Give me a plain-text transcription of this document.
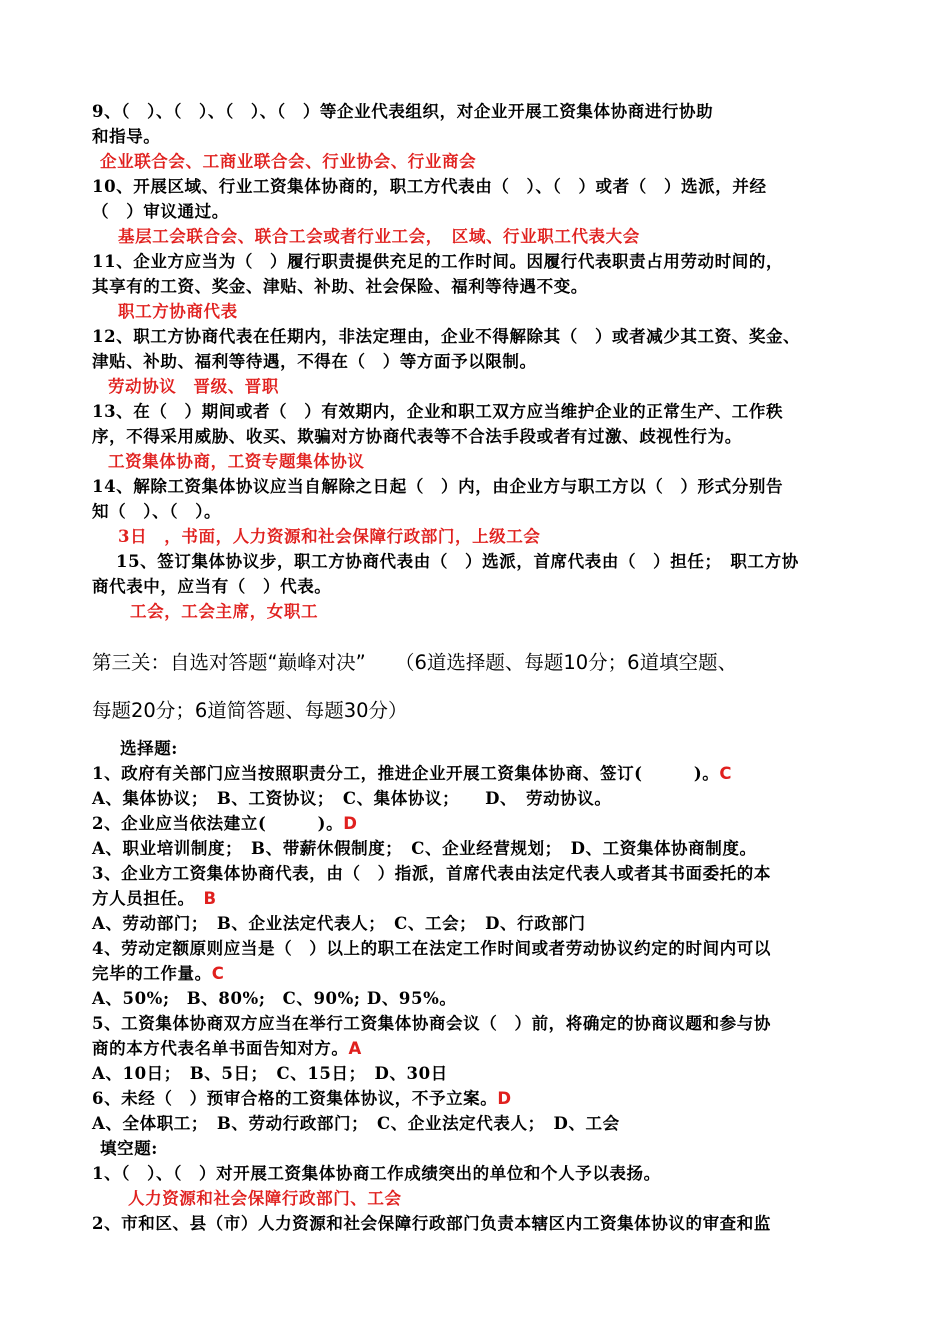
9、（　）、（　）、（　）、（　）等企业代表组织，对企业开展工资集体协商进行协助
和指导。
企业联合会、工商业联合会、行业协会、行业商会
10、开展区域、行业工资集体协商的，职工方代表由（　）、（　）或者（　）选派，并经
（　）审议通过。
基层工会联合会、联合工会或者行业工会，　区域、行业职工代表大会
11、企业方应当为（　）履行职责提供充足的工作时间。因履行代表职责占用劳动时间的，
其享有的工资、奖金、津贴、补助、社会保险、福利等待遇不变。
职工方协商代表
12、职工方协商代表在任期内，非法定理由，企业不得解除其（　）或者减少其工资、奖金、
津贴、补助、福利等待遇，不得在（　）等方面予以限制。
劳动协议　晋级、晋职
13、在（　）期间或者（　）有效期内，企业和职工双方应当维护企业的正常生产、工作秩
序，不得采用威胁、收买、欺骗对方协商代表等不合法手段或者有过激、歧视性行为。
工资集体协商，工资专题集体协议
14、解除工资集体协议应当自解除之日起（　）内，由企业方与职工方以（　）形式分别告
知（　）、（　）。
3日　，书面，人力资源和社会保障行政部门，上级工会
15、签订集体协议步，职工方协商代表由（　）选派，首席代表由（　）担任；　职工方协
商代表中，应当有（　）代表。
工会，工会主席，女职工
第三关：自选对答题“巅峰对决”　　（6道选择题、每题10分；6道填空题、
每题20分；6道简答题、每题30分）
选择题:
1、政府有关部门应当按照职责分工，推进企业开展工资集体协商、签订(　　　)。C
A、集体协议；　B、工资协议；　C、集体协议；　　D、　劳动协议。
2、企业应当依法建立(　　　)。D
A、职业培训制度；　B、带薪休假制度；　C、企业经营规划；　D、工资集体协商制度。
3、企业方工资集体协商代表，由（　）指派，首席代表由法定代表人或者其书面委托的本
方人员担任。　B
A、劳动部门；　B、企业法定代表人；　C、工会；　D、行政部门
4、劳动定额原则应当是（　）以上的职工在法定工作时间或者劳动协议约定的时间内可以
完毕的工作量。C
A、50%;　B、80%;　C、90%; D、95%。
5、工资集体协商双方应当在举行工资集体协商会议（　）前，将确定的协商议题和参与协
商的本方代表名单书面告知对方。A
A、10日；　B、5日；　C、15日；　D、30日
6、未经（　）预审合格的工资集体协议，不予立案。D
A、全体职工；　B、劳动行政部门；　C、企业法定代表人；　D、工会
填空题:
1、（　）、（　）对开展工资集体协商工作成绩突出的单位和个人予以表扬。
人力资源和社会保障行政部门、工会
2、市和区、县（市）人力资源和社会保障行政部门负责本辖区内工资集体协议的审查和监
